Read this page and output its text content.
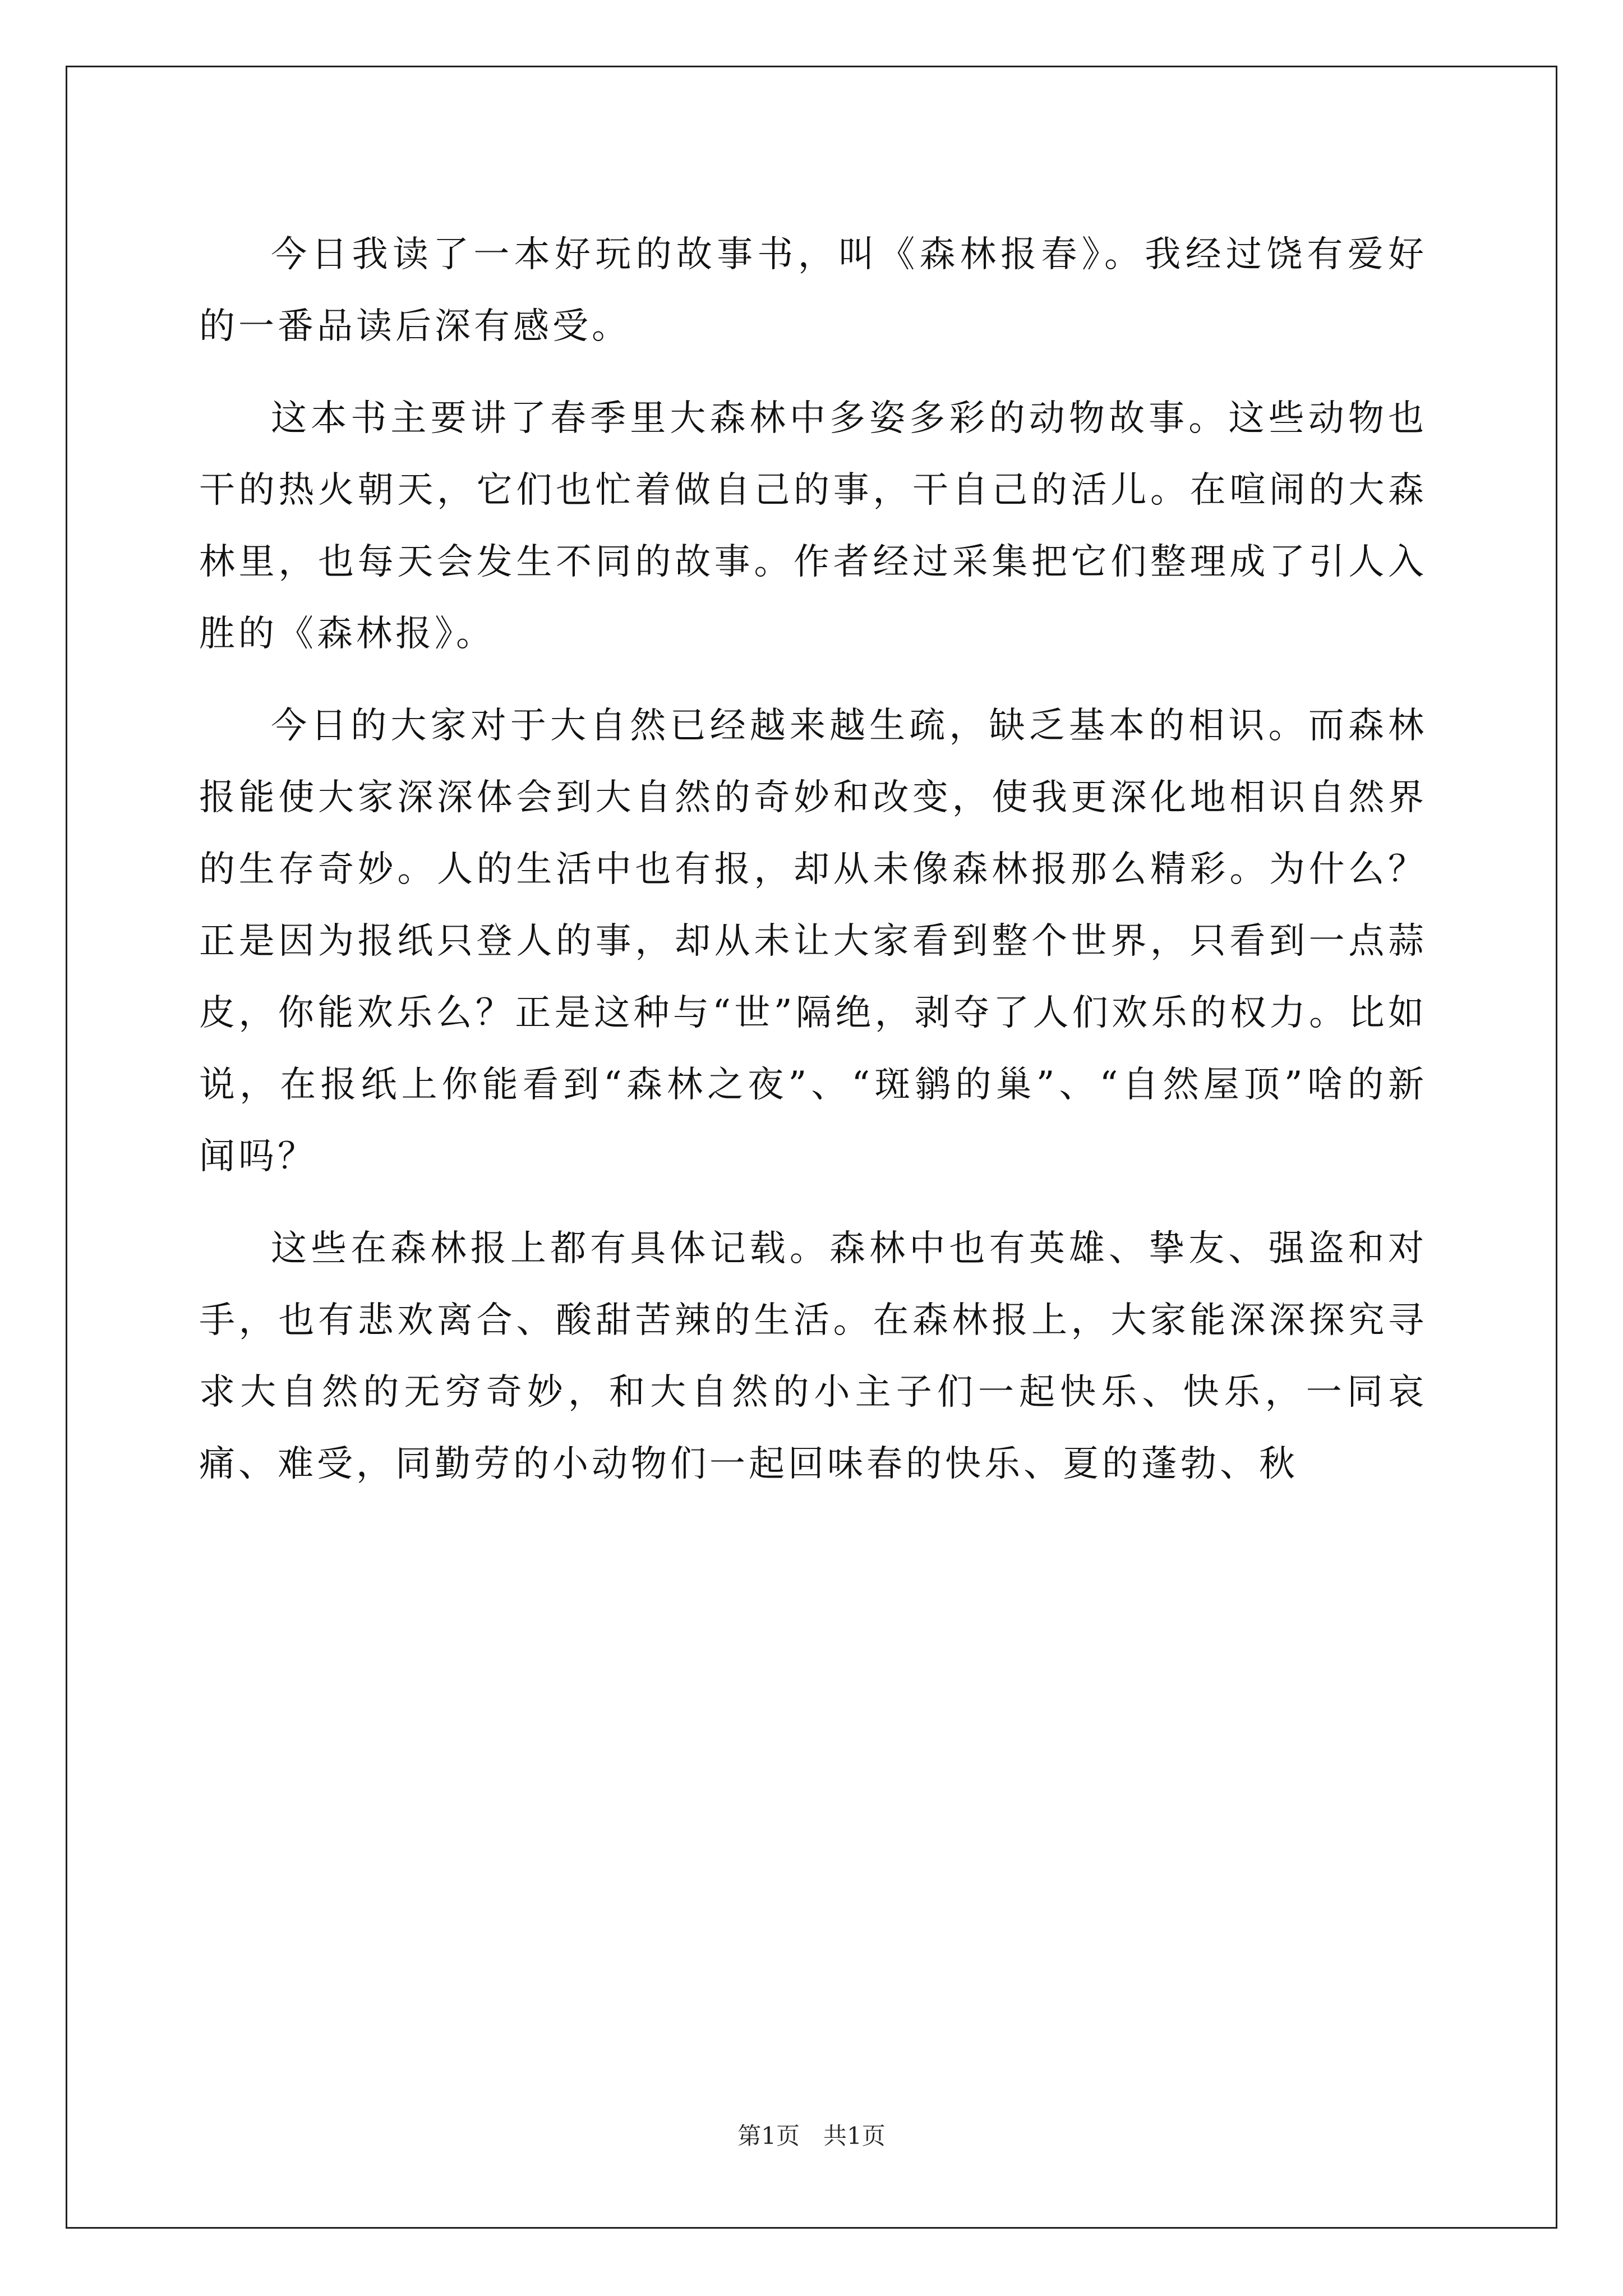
今日我读了一本好玩的故事书，叫《森林报春》。我经过饶有爱好的一番品读后深有感受。

这本书主要讲了春季里大森林中多姿多彩的动物故事。这些动物也干的热火朝天，它们也忙着做自己的事，干自己的活儿。在喧闹的大森林里，也每天会发生不同的故事。作者经过采集把它们整理成了引人入胜的《森林报》。

今日的大家对于大自然已经越来越生疏，缺乏基本的相识。而森林报能使大家深深体会到大自然的奇妙和改变，使我更深化地相识自然界的生存奇妙。人的生活中也有报，却从未像森林报那么精彩。为什么？正是因为报纸只登人的事，却从未让大家看到整个世界，只看到一点蒜皮，你能欢乐么？正是这种与“世”隔绝，剥夺了人们欢乐的权力。比如说，在报纸上你能看到“森林之夜”、“斑鹟的巢”、“自然屋顶”啥的新闻吗？

这些在森林报上都有具体记载。森林中也有英雄、挚友、强盗和对手，也有悲欢离合、酸甜苦辣的生活。在森林报上，大家能深深探究寻求大自然的无穷奇妙，和大自然的小主子们一起快乐、快乐，一同哀痛、难受，同勤劳的小动物们一起回味春的快乐、夏的蓬勃、秋

第1页　共1页
